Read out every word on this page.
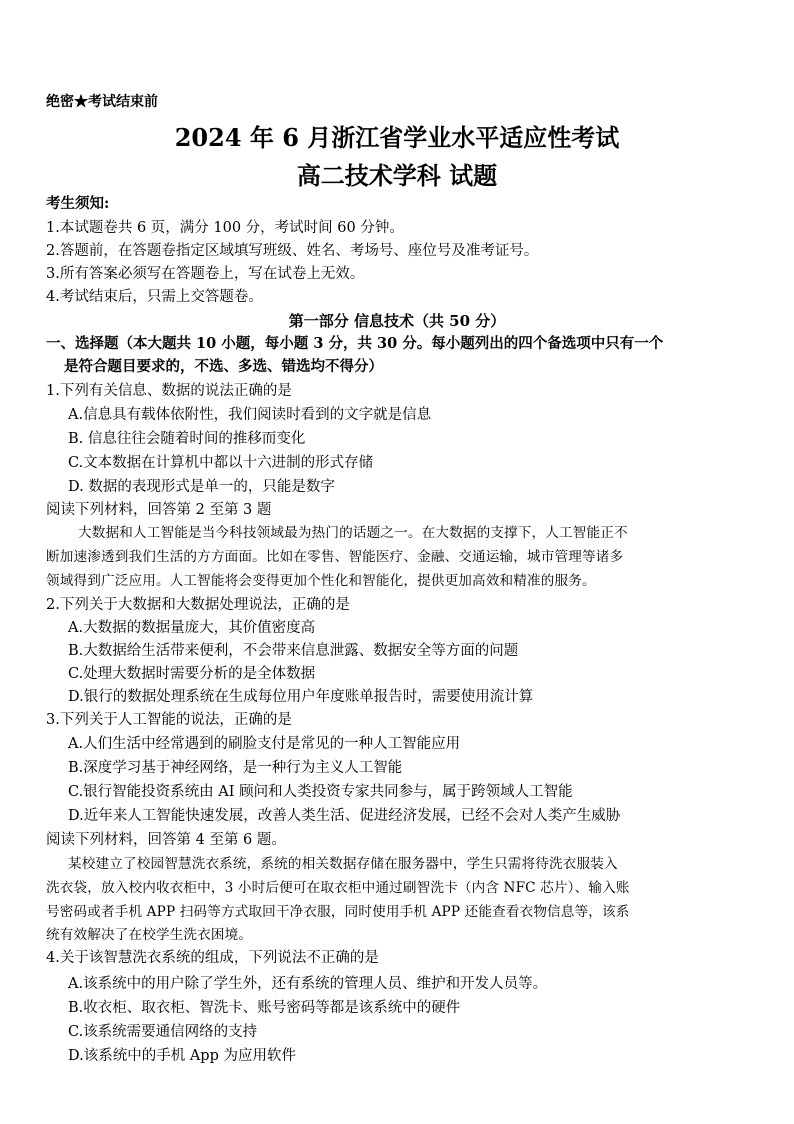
绝密★考试结束前
2024 年 6 月浙江省学业水平适应性考试
高二技术学科 试题
考生须知:
1.本试题卷共 6 页，满分 100 分，考试时间 60 分钟。
2.答题前，在答题卷指定区域填写班级、姓名、考场号、座位号及准考证号。
3.所有答案必须写在答题卷上，写在试卷上无效。
4.考试结束后，只需上交答题卷。
第一部分 信息技术（共 50 分）
一、选择题（本大题共 10 小题，每小题 3 分，共 30 分。每小题列出的四个备选项中只有一个
是符合题目要求的，不选、多选、错选均不得分）
1.下列有关信息、数据的说法正确的是
A.信息具有载体依附性，我们阅读时看到的文字就是信息
B. 信息往往会随着时间的推移而变化
C.文本数据在计算机中都以十六进制的形式存储
D. 数据的表现形式是单一的，只能是数字
阅读下列材料，回答第 2 至第 3 题
大数据和人工智能是当今科技领域最为热门的话题之一。在大数据的支撑下，人工智能正不
断加速渗透到我们生活的方方面面。比如在零售、智能医疗、金融、交通运输，城市管理等诸多
领域得到广泛应用。人工智能将会变得更加个性化和智能化，提供更加高效和精准的服务。
2.下列关于大数据和大数据处理说法，正确的是
A.大数据的数据量庞大，其价值密度高
B.大数据给生活带来便利，不会带来信息泄露、数据安全等方面的问题
C.处理大数据时需要分析的是全体数据
D.银行的数据处理系统在生成每位用户年度账单报告时，需要使用流计算
3.下列关于人工智能的说法，正确的是
A.人们生活中经常遇到的刷脸支付是常见的一种人工智能应用
B.深度学习基于神经网络，是一种行为主义人工智能
C.银行智能投资系统由 AI 顾问和人类投资专家共同参与，属于跨领域人工智能
D.近年来人工智能快速发展，改善人类生活、促进经济发展，已经不会对人类产生威胁
阅读下列材料，回答第 4 至第 6 题。
某校建立了校园智慧洗衣系统，系统的相关数据存储在服务器中，学生只需将待洗衣服装入
洗衣袋，放入校内收衣柜中，3 小时后便可在取衣柜中通过刷智洗卡（内含 NFC 芯片）、输入账
号密码或者手机 APP 扫码等方式取回干净衣服，同时使用手机 APP 还能查看衣物信息等，该系
统有效解决了在校学生洗衣困境。
4.关于该智慧洗衣系统的组成，下列说法不正确的是
A.该系统中的用户除了学生外，还有系统的管理人员、维护和开发人员等。
B.收衣柜、取衣柜、智洗卡、账号密码等都是该系统中的硬件
C.该系统需要通信网络的支持
D.该系统中的手机 App 为应用软件
